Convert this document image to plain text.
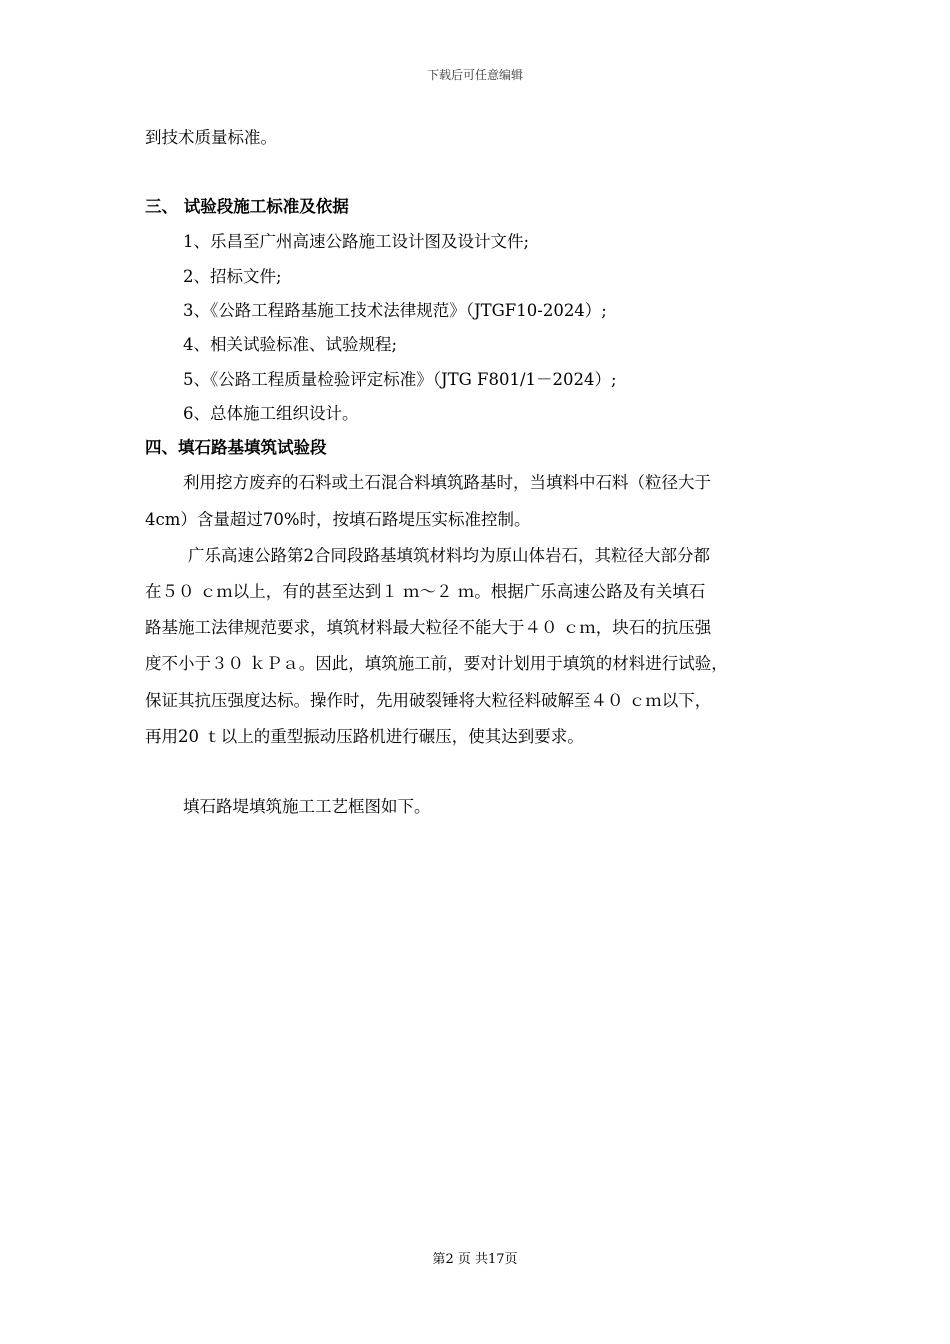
下载后可任意编辑
到技术质量标准。
三、 试验段施工标准及依据
1、乐昌至广州高速公路施工设计图及设计文件;
2、招标文件;
3、《公路工程路基施工技术法律规范》（JTGF10-2024）;
4、相关试验标准、试验规程;
5、《公路工程质量检验评定标准》（JTG F801/1－2024）;
6、总体施工组织设计。
四、填石路基填筑试验段
利用挖方废弃的石料或土石混合料填筑路基时，当填料中石料（粒径大于
4cm）含量超过70%时，按填石路堤压实标准控制。
广乐高速公路第2合同段路基填筑材料均为原山体岩石，其粒径大部分都
在５０ ｃｍ以上，有的甚至达到１ ｍ～２ ｍ。根据广乐高速公路及有关填石
路基施工法律规范要求，填筑材料最大粒径不能大于４０ ｃｍ，块石的抗压强
度不小于３０ ｋＰａ。因此，填筑施工前，要对计划用于填筑的材料进行试验，
保证其抗压强度达标。操作时，先用破裂锤将大粒径料破解至４０ ｃｍ以下，
再用20 ｔ以上的重型振动压路机进行碾压，使其达到要求。
填石路堤填筑施工工艺框图如下。
第2 页 共17页
